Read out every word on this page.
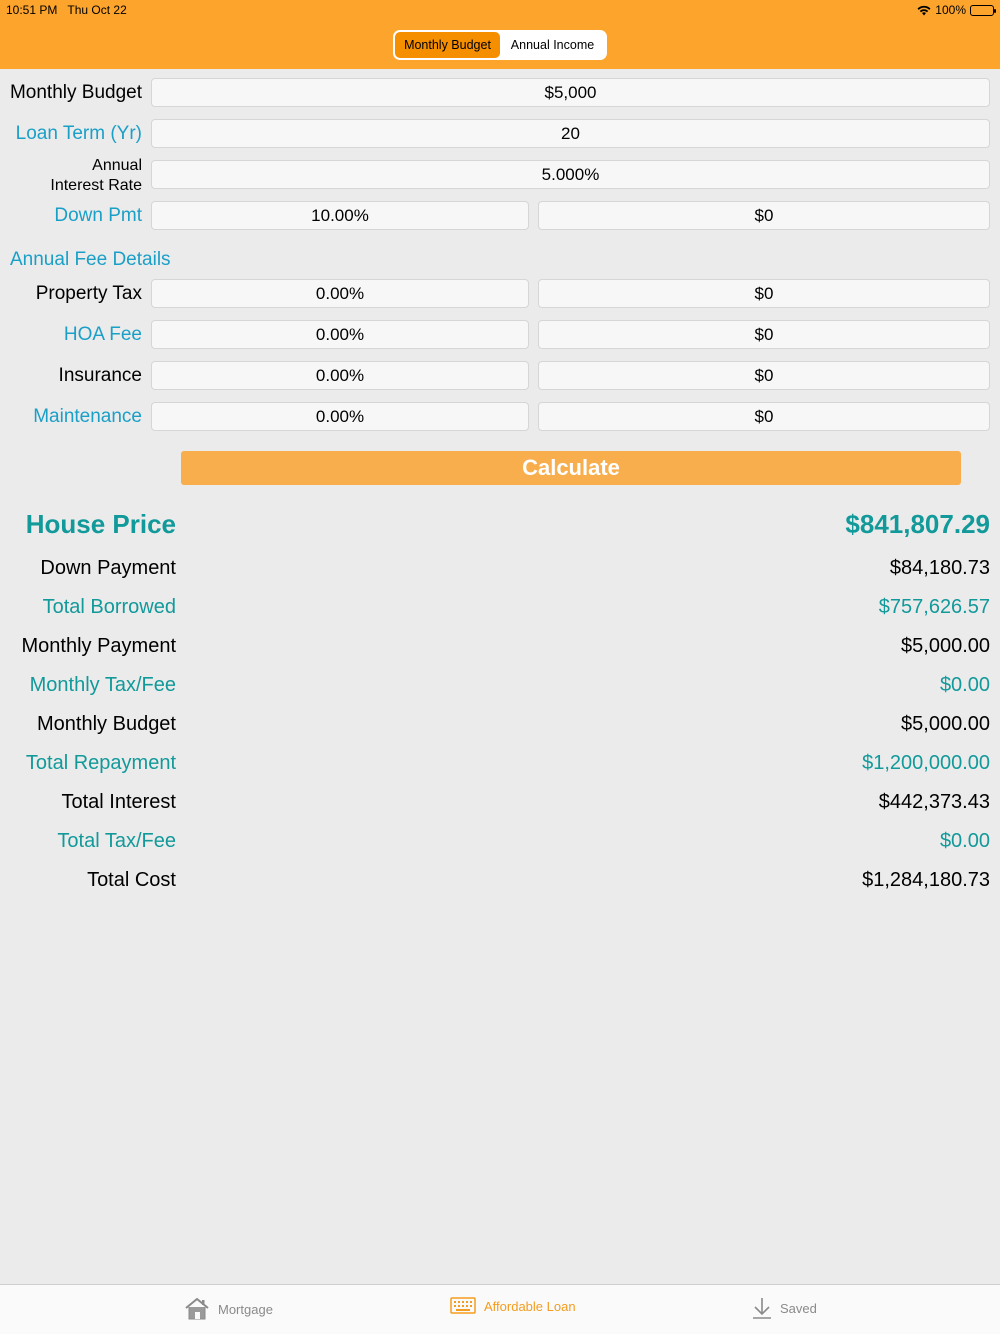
10:51 PM Thu Oct 22	100%
Monthly Budget	Annual Income
Monthly Budget	$5,000
Loan Term (Yr)	20
Annual
Interest Rate
5.000%
Down Pmt	10.00%	$0
Annual Fee Details
Property Tax	0.00%	$0
HOA Fee	0.00%	$0
Insurance	0.00%	$0
Maintenance	0.00%	$0
Calculate
House Price	$841,807.29
Down Payment	$84,180.73
Total Borrowed	$757,626.57
Monthly Payment	$5,000.00
Monthly Tax/Fee	$0.00
Monthly Budget	$5,000.00
Total Repayment	$1,200,000.00
Total Interest	$442,373.43
Total Tax/Fee	$0.00
Total Cost	$1,284,180.73
Mortgage	Affordable Loan	Saved
